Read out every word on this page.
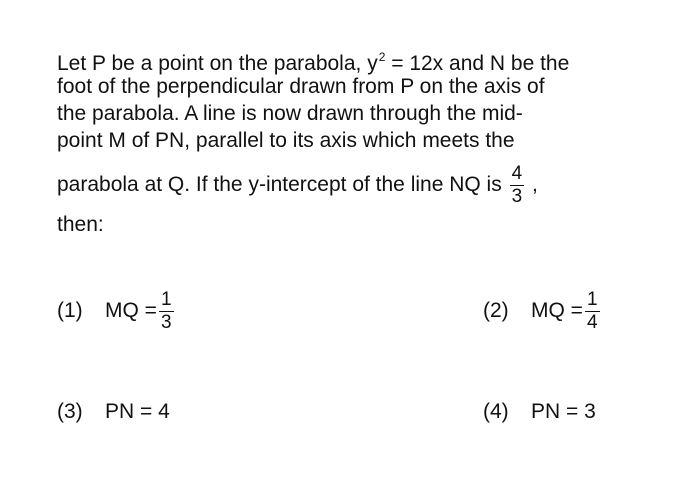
Let P be a point on the parabola, $y^2 = 12x$ and N be the
foot of the perpendicular drawn from P on the axis of
the parabola. A line is now drawn through the mid-
point M of PN, parallel to its axis which meets the
parabola at Q. If the y-intercept of the line NQ is $\frac{4}{3}$ ,
then:
(1) MQ = $\frac{1}{3}$	(2) MQ = $\frac{1}{4}$
(3) PN = 4	(4) PN = 3
